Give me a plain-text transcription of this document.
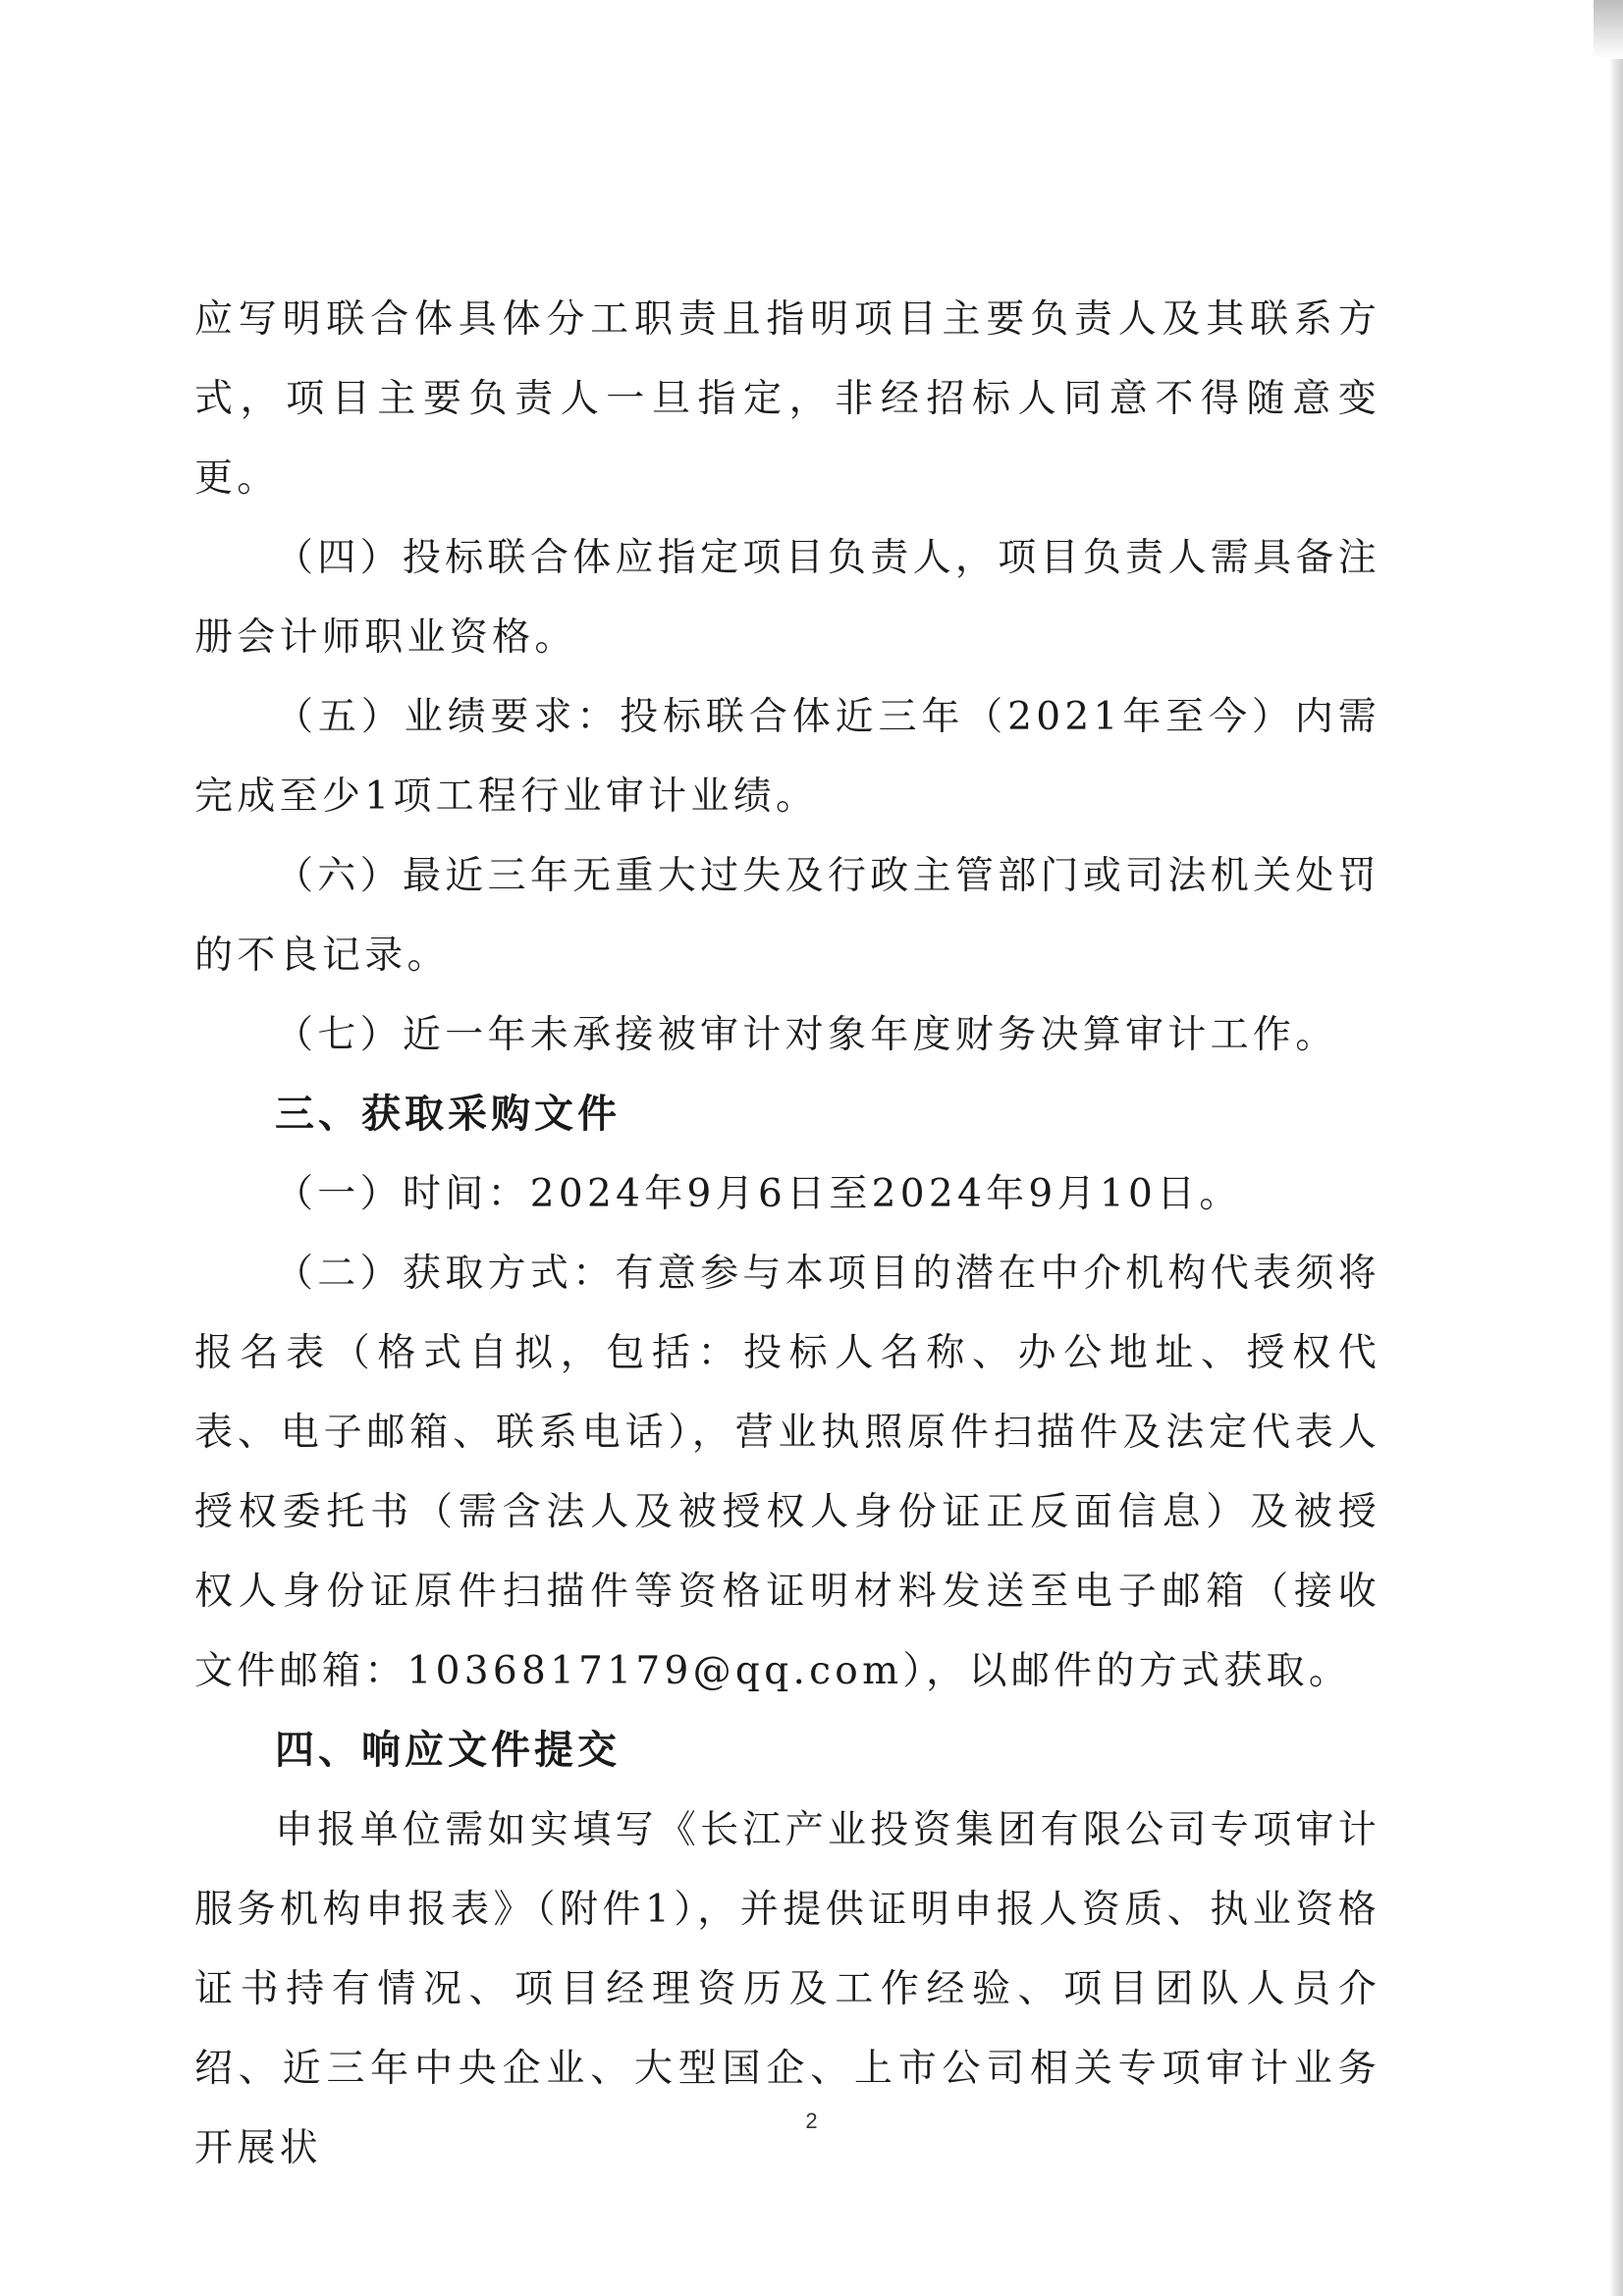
应写明联合体具体分工职责且指明项目主要负责人及其联系方式，项目主要负责人一旦指定，非经招标人同意不得随意变更。

（四）投标联合体应指定项目负责人，项目负责人需具备注册会计师职业资格。

（五）业绩要求：投标联合体近三年（2021年至今）内需完成至少1项工程行业审计业绩。

（六）最近三年无重大过失及行政主管部门或司法机关处罚的不良记录。

（七）近一年未承接被审计对象年度财务决算审计工作。

三、获取采购文件

（一）时间：2024年9月6日至2024年9月10日。

（二）获取方式：有意参与本项目的潜在中介机构代表须将报名表（格式自拟，包括：投标人名称、办公地址、授权代表、电子邮箱、联系电话），营业执照原件扫描件及法定代表人授权委托书（需含法人及被授权人身份证正反面信息）及被授权人身份证原件扫描件等资格证明材料发送至电子邮箱（接收文件邮箱：1036817179@qq.com），以邮件的方式获取。

四、响应文件提交

申报单位需如实填写《长江产业投资集团有限公司专项审计服务机构申报表》（附件1），并提供证明申报人资质、执业资格证书持有情况、项目经理资历及工作经验、项目团队人员介绍、近三年中央企业、大型国企、上市公司相关专项审计业务开展状

2
